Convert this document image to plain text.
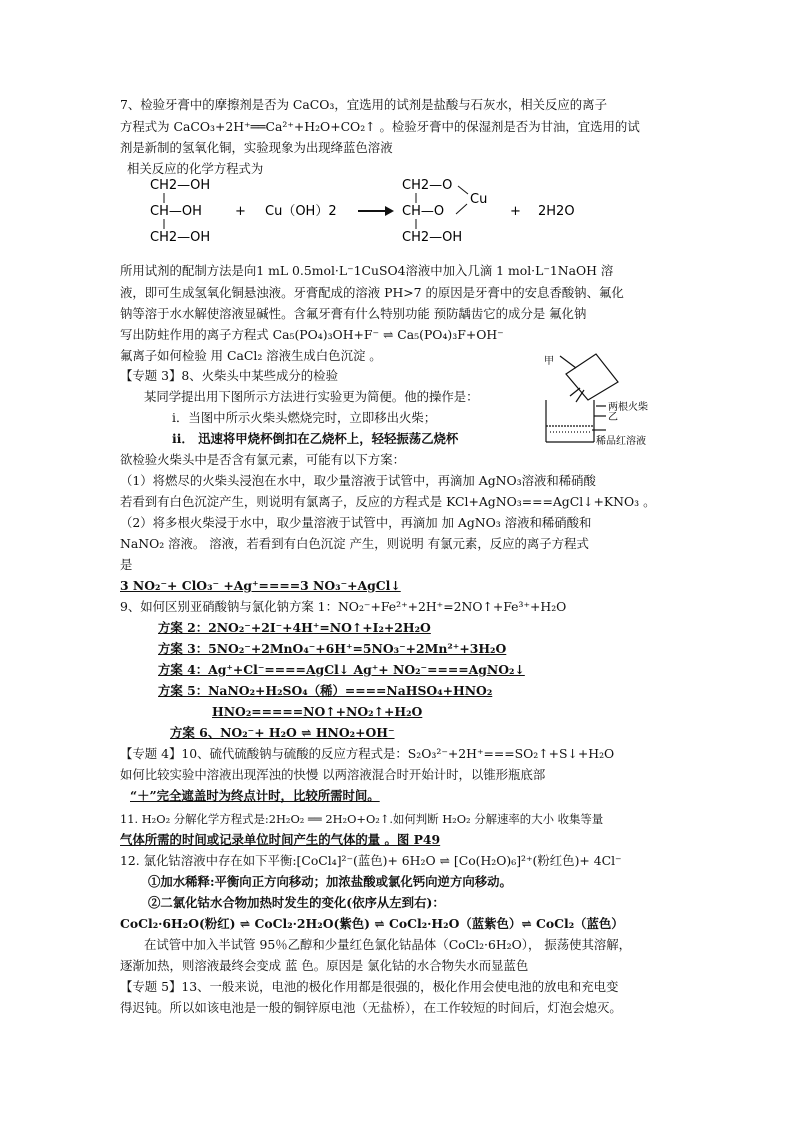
7、检验牙膏中的摩擦剂是否为 CaCO₃，宜选用的试剂是盐酸与石灰水，相关反应的离子
方程式为 CaCO₃+2H⁺══Ca²⁺+H₂O+CO₂↑ 。检验牙膏中的保湿剂是否为甘油，宜选用的试
剂是新制的氢氧化铜，实验现象为出现绛蓝色溶液
相关反应的化学方程式为
CH2—OH
CH—OH
CH2—OH
+ Cu（OH）2
CH2—O
CH—O
CH2—OH
Cu
+ 2H2O
所用试剂的配制方法是向1 mL 0.5mol·L⁻1CuSO4溶液中加入几滴 1 mol·L⁻1NaOH 溶
液，即可生成氢氧化铜悬浊液。牙膏配成的溶液 PH>7 的原因是牙膏中的安息香酸钠、氟化
钠等溶于水水解使溶液显碱性。含氟牙膏有什么特别功能 预防龋齿它的成分是 氟化钠
写出防蛀作用的离子方程式 Ca₅(PO₄)₃OH+F⁻ ⇌ Ca₅(PO₄)₃F+OH⁻
氟离子如何检验 用 CaCl₂ 溶液生成白色沉淀 。	甲
两根火柴
乙
稀品红溶液
【专题 3】8、火柴头中某些成分的检验
某同学提出用下图所示方法进行实验更为简便。他的操作是：
ⅰ．当图中所示火柴头燃烧完时，立即移出火柴；
ⅱ． 迅速将甲烧杯倒扣在乙烧杯上，轻轻振荡乙烧杯
欲检验火柴头中是否含有氯元素，可能有以下方案：
（1）将燃尽的火柴头浸泡在水中，取少量溶液于试管中，再滴加 AgNO₃溶液和稀硝酸
若看到有白色沉淀产生，则说明有氯离子，反应的方程式是 KCl+AgNO₃===AgCl↓+KNO₃ 。
（2）将多根火柴浸于水中，取少量溶液于试管中，再滴加 加 AgNO₃ 溶液和稀硝酸和
NaNO₂ 溶液。 溶液，若看到有白色沉淀 产生，则说明 有氯元素，反应的离子方程式
是
3 NO₂⁻+ ClO₃⁻ +Ag⁺====3 NO₃⁻+AgCl↓
9、如何区别亚硝酸钠与氯化钠方案 1：NO₂⁻+Fe²⁺+2H⁺=2NO↑+Fe³⁺+H₂O
方案 2：2NO₂⁻+2I⁻+4H⁺=NO↑+I₂+2H₂O
方案 3：5NO₂⁻+2MnO₄⁻+6H⁺=5NO₃⁻+2Mn²⁺+3H₂O
方案 4：Ag⁺+Cl⁻====AgCl↓ Ag⁺+ NO₂⁻====AgNO₂↓
方案 5：NaNO₂+H₂SO₄（稀）====NaHSO₄+HNO₂
HNO₂=====NO↑+NO₂↑+H₂O
方案 6、NO₂⁻+ H₂O ⇌ HNO₂+OH⁻
【专题 4】10、硫代硫酸钠与硫酸的反应方程式是：S₂O₃²⁻+2H⁺===SO₂↑+S↓+H₂O
如何比较实验中溶液出现浑浊的快慢 以两溶液混合时开始计时，以锥形瓶底部
“＋”完全遮盖时为终点计时，比较所需时间。
11. H₂O₂ 分解化学方程式是:2H₂O₂ ══ 2H₂O+O₂↑.如何判断 H₂O₂ 分解速率的大小 收集等量
气体所需的时间或记录单位时间产生的气体的量 。图 P49
12. 氯化钴溶液中存在如下平衡:[CoCl₄]²⁻(蓝色)+ 6H₂O ⇌ [Co(H₂O)₆]²⁺(粉红色)+ 4Cl⁻
①加水稀释:平衡向正方向移动；加浓盐酸或氯化钙向逆方向移动。
②二氯化钴水合物加热时发生的变化(依序从左到右)：
CoCl₂·6H₂O(粉红) ⇌ CoCl₂·2H₂O(紫色) ⇌ CoCl₂·H₂O（蓝紫色）⇌ CoCl₂（蓝色）
在试管中加入半试管 95％乙醇和少量红色氯化钴晶体（CoCl₂·6H₂O）， 振荡使其溶解，
逐渐加热，则溶液最终会变成 蓝 色。原因是 氯化钴的水合物失水而显蓝色
【专题 5】13、一般来说，电池的极化作用都是很强的，极化作用会使电池的放电和充电变
得迟钝。所以如该电池是一般的铜锌原电池（无盐桥），在工作较短的时间后，灯泡会熄灭。
